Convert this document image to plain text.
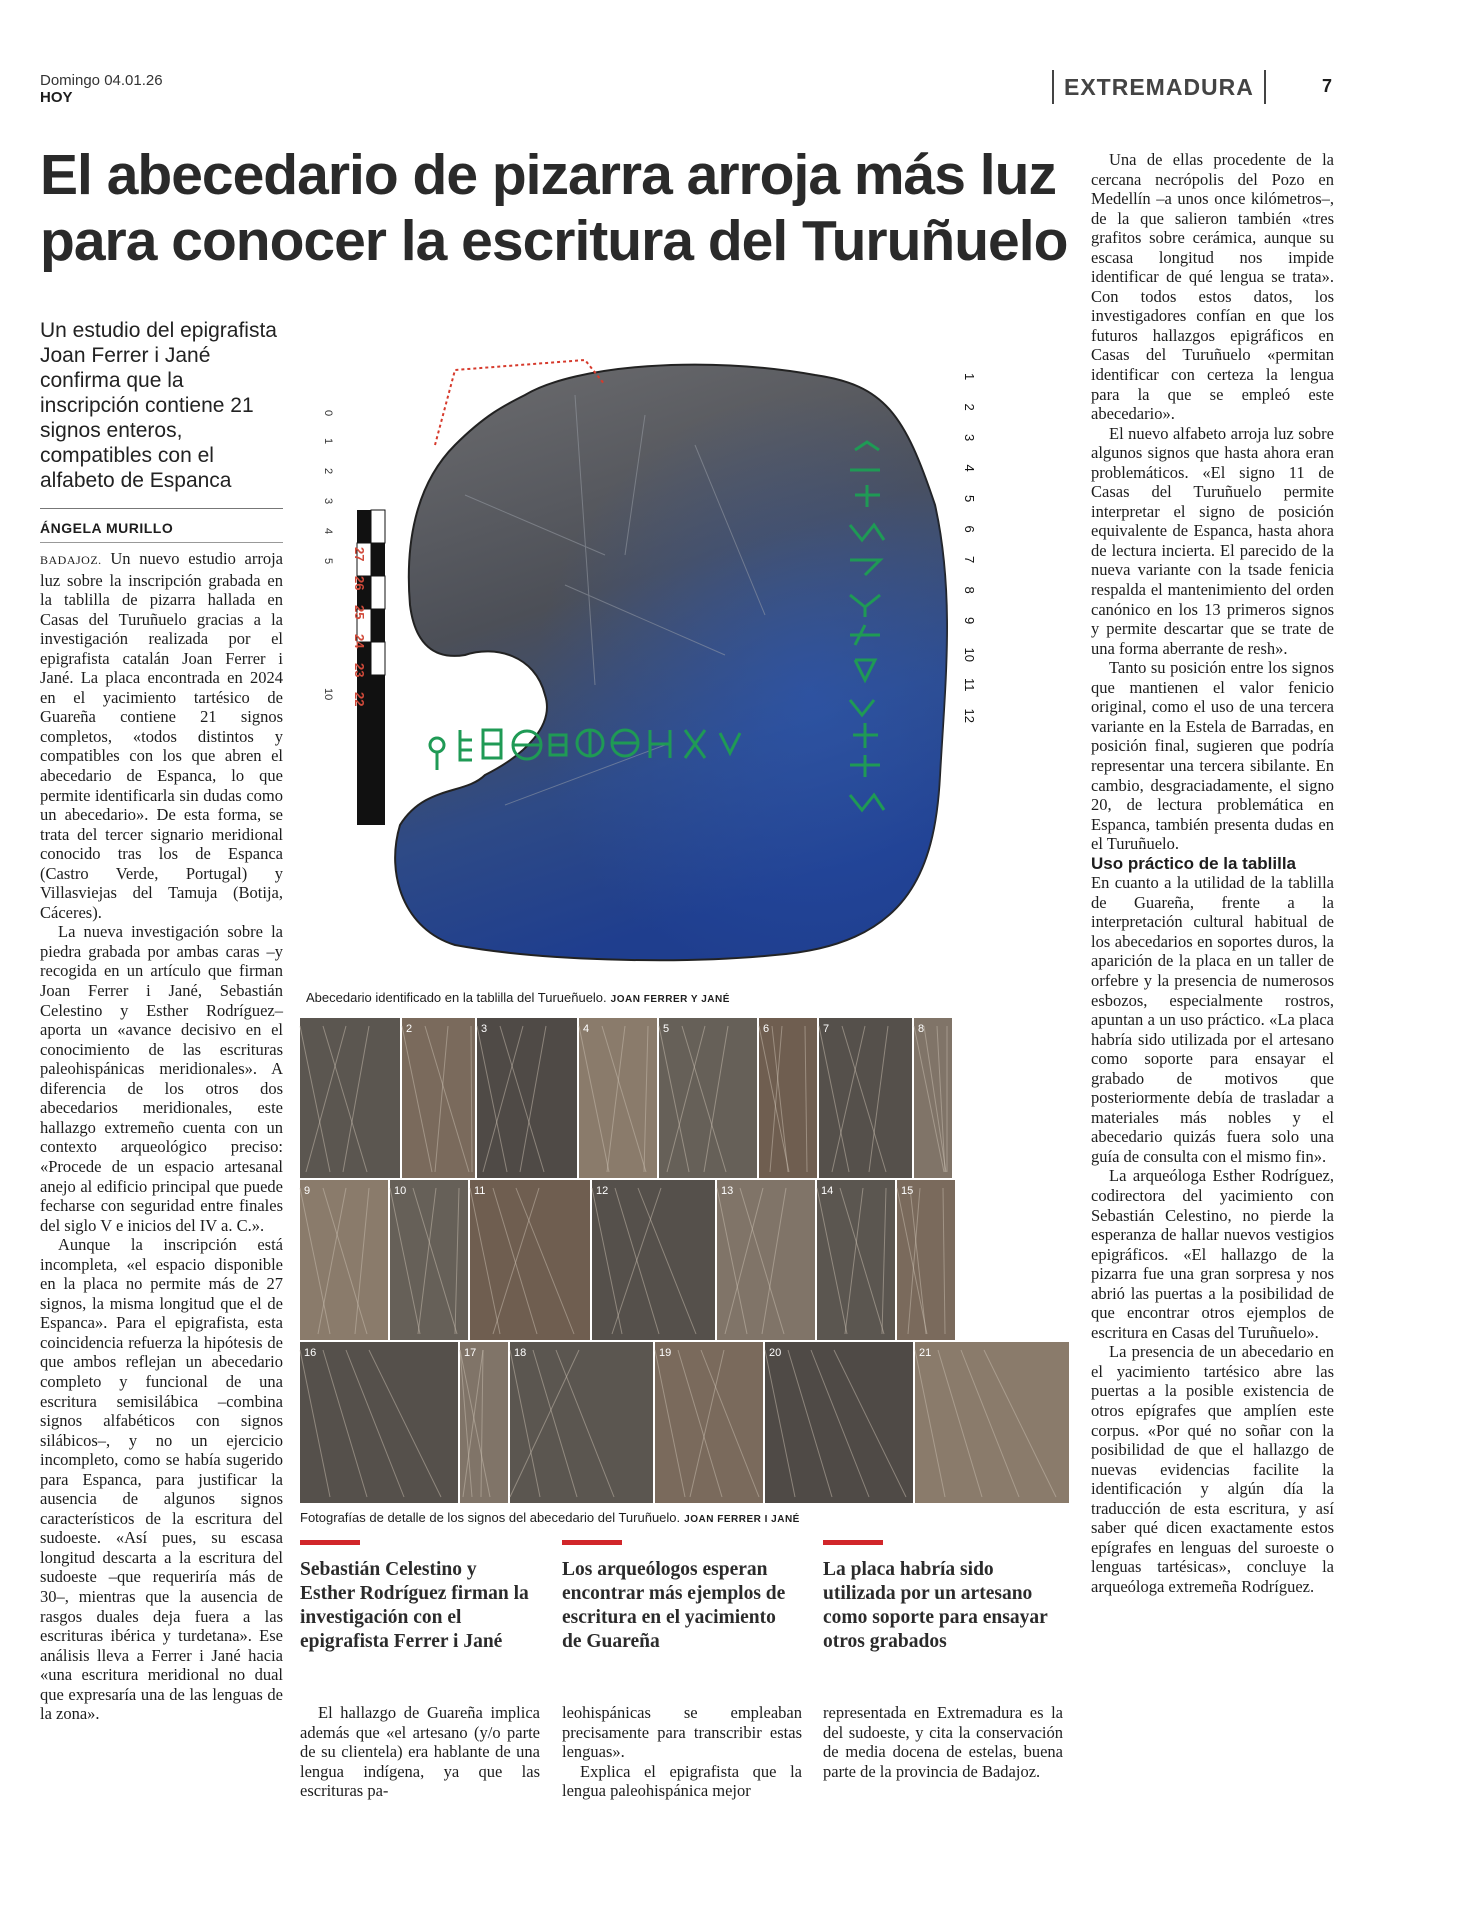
Domingo 04.01.26
HOY	EXTREMADURA	7
El abecedario de pizarra arroja más luz para conocer la escritura del Turuñuelo
Un estudio del epigrafista Joan Ferrer i Jané confirma que la inscripción contiene 21 signos enteros, compatibles con el alfabeto de Espanca
ÁNGELA MURILLO

BADAJOZ. Un nuevo estudio arroja luz sobre la inscripción grabada en la tablilla de pizarra hallada en Casas del Turuñuelo gracias a la investigación realizada por el epigrafista catalán Joan Ferrer i Jané. La placa encontrada en 2024 en el yacimiento tartésico de Guareña contiene 21 signos completos, «todos distintos y compatibles con los que abren el abecedario de Espanca, lo que permite identificarla sin dudas como un abecedario». De esta forma, se trata del tercer signario meridional conocido tras los de Espanca (Castro Verde, Portugal) y Villasviejas del Tamuja (Botija, Cáceres).

La nueva investigación sobre la piedra grabada por ambas caras –y recogida en un artículo que firman Joan Ferrer i Jané, Sebastián Celestino y Esther Rodríguez– aporta un «avance decisivo en el conocimiento de las escrituras paleohispánicas meridionales». A diferencia de los otros dos abecedarios meridionales, este hallazgo extremeño cuenta con un contexto arqueológico preciso: «Procede de un espacio artesanal anejo al edificio principal que puede fecharse con seguridad entre finales del siglo V e inicios del IV a. C.».

Aunque la inscripción está incompleta, «el espacio disponible en la placa no permite más de 27 signos, la misma longitud que el de Espanca». Para el epigrafista, esta coincidencia refuerza la hipótesis de que ambos reflejan un abecedario completo y funcional de una escritura semisilábica –combina signos alfabéticos con signos silábicos–, y no un ejercicio incompleto, como se había sugerido para Espanca, para justificar la ausencia de algunos signos característicos de la escritura del sudoeste. «Así pues, su escasa longitud descarta a la escritura del sudoeste –que requeriría más de 30–, mientras que la ausencia de rasgos duales deja fuera a las escrituras ibérica y turdetana». Ese análisis lleva a Ferrer i Jané hacia «una escritura meridional no dual que expresaría una de las lenguas de la zona».

Una de ellas procedente de la cercana necrópolis del Pozo en Medellín –a unos once kilómetros–, de la que salieron también «tres grafitos sobre cerámica, aunque su escasa longitud nos impide identificar de qué lengua se trata». Con todos estos datos, los investigadores confían en que los futuros hallazgos epigráficos en Casas del Turuñuelo «permitan identificar con certeza la lengua para la que se empleó este abecedario».

El nuevo alfabeto arroja luz sobre algunos signos que hasta ahora eran problemáticos. «El signo 11 de Casas del Turuñuelo permite interpretar el signo de posición equivalente de Espanca, hasta ahora de lectura incierta. El parecido de la nueva variante con la tsade fenicia respalda el mantenimiento del orden canónico en los 13 primeros signos y permite descartar que se trate de una forma aberrante de resh».

Tanto su posición entre los signos que mantienen el valor fenicio original, como el uso de una tercera variante en la Estela de Barradas, en posición final, sugieren que podría representar una tercera sibilante. En cambio, desgraciadamente, el signo 20, de lectura problemática en Espanca, también presenta dudas en el Turuñuelo.

Uso práctico de la tablilla

En cuanto a la utilidad de la tablilla de Guareña, frente a la interpretación cultural habitual de los abecedarios en soportes duros, la aparición de la placa en un taller de orfebre y la presencia de numerosos esbozos, especialmente rostros, apuntan a un uso práctico. «La placa habría sido utilizada por el artesano como soporte para ensayar el grabado de motivos que posteriormente debía de trasladar a materiales más nobles y el abecedario quizás fuera solo una guía de consulta con el mismo fin».

La arqueóloga Esther Rodríguez, codirectora del yacimiento con Sebastián Celestino, no pierde la esperanza de hallar nuevos vestigios epigráficos. «El hallazgo de la pizarra fue una gran sorpresa y nos abrió las puertas a la posibilidad de que encontrar otros ejemplos de escritura en Casas del Turuñuelo».

La presencia de un abecedario en el yacimiento tartésico abre las puertas a la posible existencia de otros epígrafes que amplíen este corpus. «Por qué no soñar con la posibilidad de que el hallazgo de nuevas evidencias facilite la identificación y algún día la traducción de esta escritura, y así saber qué dicen exactamente estos epígrafes en lenguas del suroeste o lenguas tartésicas», concluye la arqueóloga extremeña Rodríguez.

0
1
2
3
4
5
10
1
2
3
4
5
6
7
8
9
10
11
12
27
26
25
24
23
22
Abecedario identificado en la tablilla del Turueñuelo. JOAN FERRER Y JANÉ
2	3	4	5	6	7	8
9	10	11	12	13	14	15
16	17	18	19	20	21
Fotografías de detalle de los signos del abecedario del Turuñuelo. JOAN FERRER I JANÉ
Sebastián Celestino y Esther Rodríguez firman la investigación con el epigrafista Ferrer i Jané
Los arqueólogos esperan encontrar más ejemplos de escritura en el yacimiento de Guareña
La placa habría sido utilizada por un artesano como soporte para ensayar otros grabados

El hallazgo de Guareña implica además que «el artesano (y/o parte de su clientela) era hablante de una lengua indígena, ya que las escrituras pa-

leohispánicas se empleaban precisamente para transcribir estas lenguas».

Explica el epigrafista que la lengua paleohispánica mejor

representada en Extremadura es la del sudoeste, y cita la conservación de media docena de estelas, buena parte de la provincia de Badajoz.
